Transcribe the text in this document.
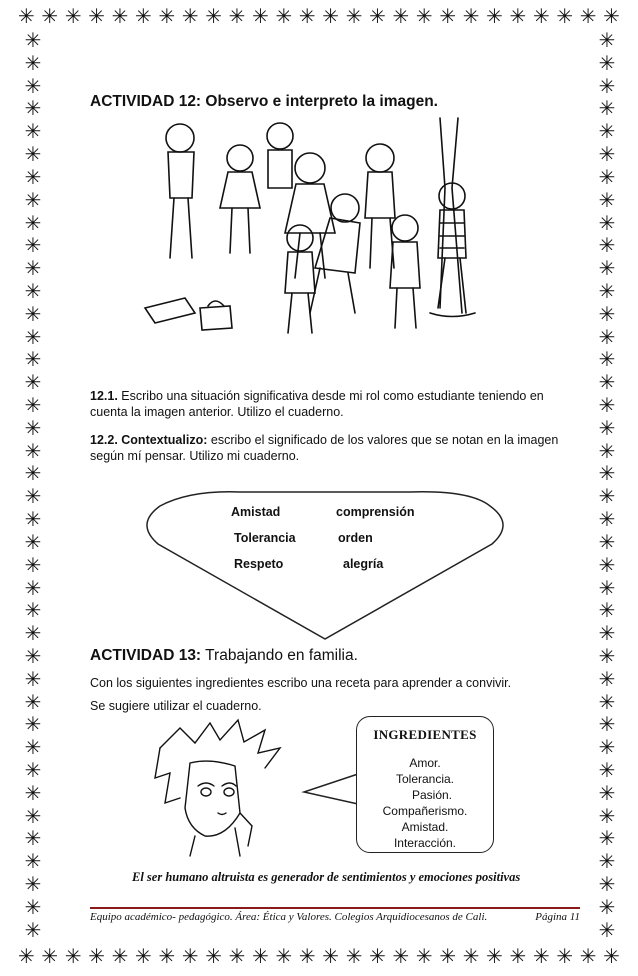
✳ ✳ ✳ ✳ ✳ ✳ ✳ ✳ ✳ ✳ ✳ ✳ ✳ ✳ ✳ ✳ ✳ ✳ ✳ ✳ ✳ ✳ ✳ ✳ ✳ ✳
✳ ✳ ✳ ✳ ✳ ✳ ✳ ✳ ✳ ✳ ✳ ✳ ✳ ✳ ✳ ✳ ✳ ✳ ✳ ✳ ✳ ✳ ✳ ✳ ✳ ✳
✳
✳
✳
✳
✳
✳
✳
✳
✳
✳
✳
✳
✳
✳
✳
✳
✳
✳
✳
✳
✳
✳
✳
✳
✳
✳
✳
✳
✳
✳
✳
✳
✳
✳
✳
✳
✳
✳
✳
✳
✳
✳
✳
✳
✳
✳
✳
✳
✳
✳
✳
✳
✳
✳
✳
✳
✳
✳
✳
✳
✳
✳
✳
✳
✳
✳
✳
✳
✳
✳
✳
✳
✳
✳
✳
✳
✳
✳
✳
✳
ACTIVIDAD 12: Observo e interpreto la imagen.

12.1. Escribo una situación significativa desde mi rol como estudiante teniendo en cuenta la imagen anterior. Utilizo el cuaderno.

12.2. Contextualizo: escribo el significado de los valores que se notan en la imagen según mí pensar. Utilizo mi cuaderno.

Amistad
Tolerancia
Respeto
comprensión
orden
alegría
ACTIVIDAD 13: Trabajando en familia.
Con los siguientes ingredientes escribo una receta para aprender a convivir.
Se sugiere utilizar el cuaderno.
INGREDIENTES
Amor.
Tolerancia.
Pasión.
Compañerismo.
Amistad.
Interacción.
El ser humano altruista es generador de sentimientos y emociones positivas
Equipo académico- pedagógico. Área: Ética y Valores. Colegios Arquidiocesanos de Cali.	Página 11
